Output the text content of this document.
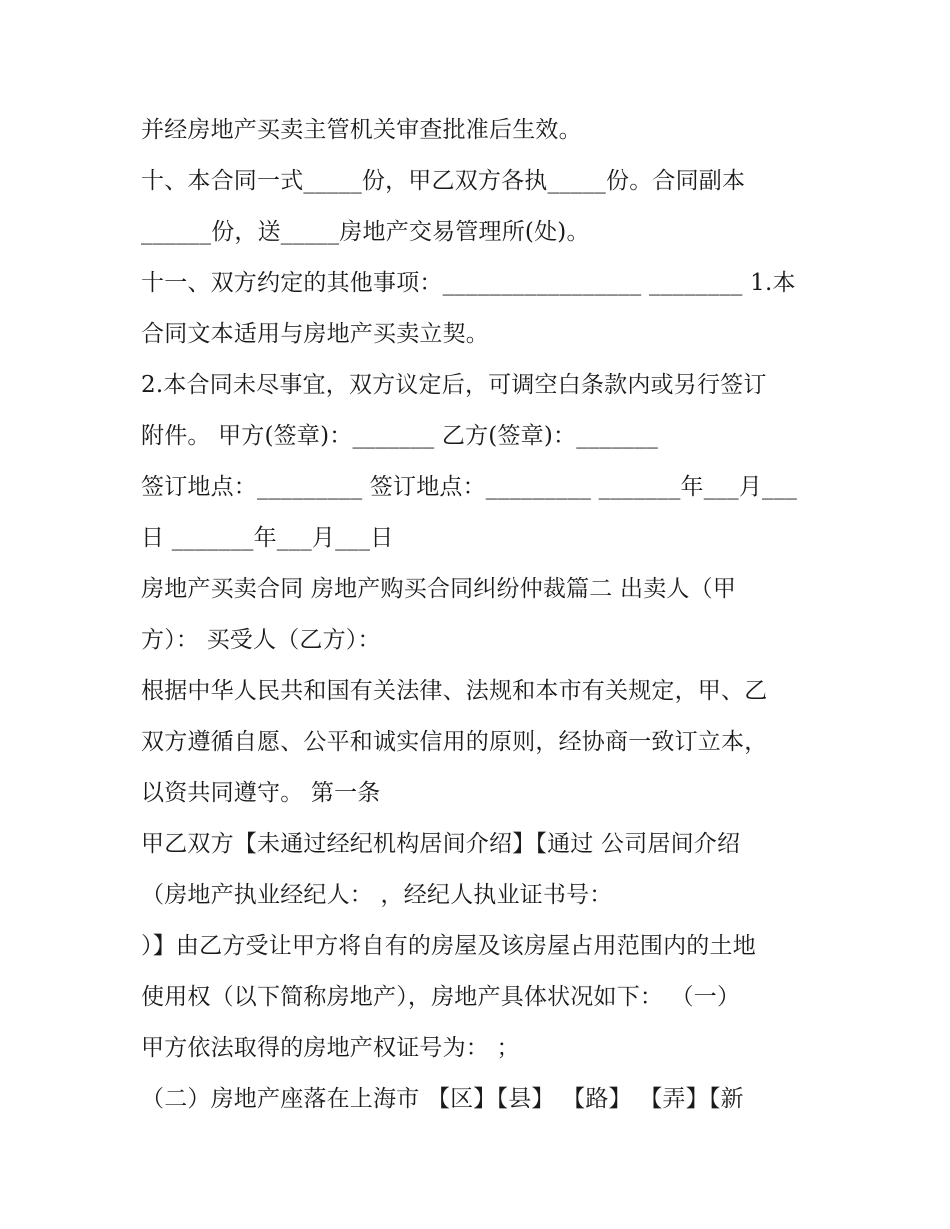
并经房地产买卖主管机关审查批准后生效。
十、本合同一式_____份，甲乙双方各执_____份。合同副本
______份，送_____房地产交易管理所(处)。
十一、双方约定的其他事项：_________________ ________ 1.本
合同文本适用与房地产买卖立契。
2.本合同未尽事宜，双方议定后，可调空白条款内或另行签订
附件。 甲方(签章)：_______ 乙方(签章)：_______
签订地点：_________ 签订地点：_________ _______年___月___
日 _______年___月___日
房地产买卖合同 房地产购买合同纠纷仲裁篇二 出卖人（甲
方）： 买受人（乙方）：
根据中华人民共和国有关法律、法规和本市有关规定，甲、乙
双方遵循自愿、公平和诚实信用的原则，经协商一致订立本，
以资共同遵守。 第一条
甲乙双方【未通过经纪机构居间介绍】【通过 公司居间介绍
（房地产执业经纪人： ，经纪人执业证书号：
）】由乙方受让甲方将自有的房屋及该房屋占用范围内的土地
使用权（以下简称房地产），房地产具体状况如下： （一）
甲方依法取得的房地产权证号为： ；
（二）房地产座落在上海市 【区】【县】 【路】 【弄】【新
